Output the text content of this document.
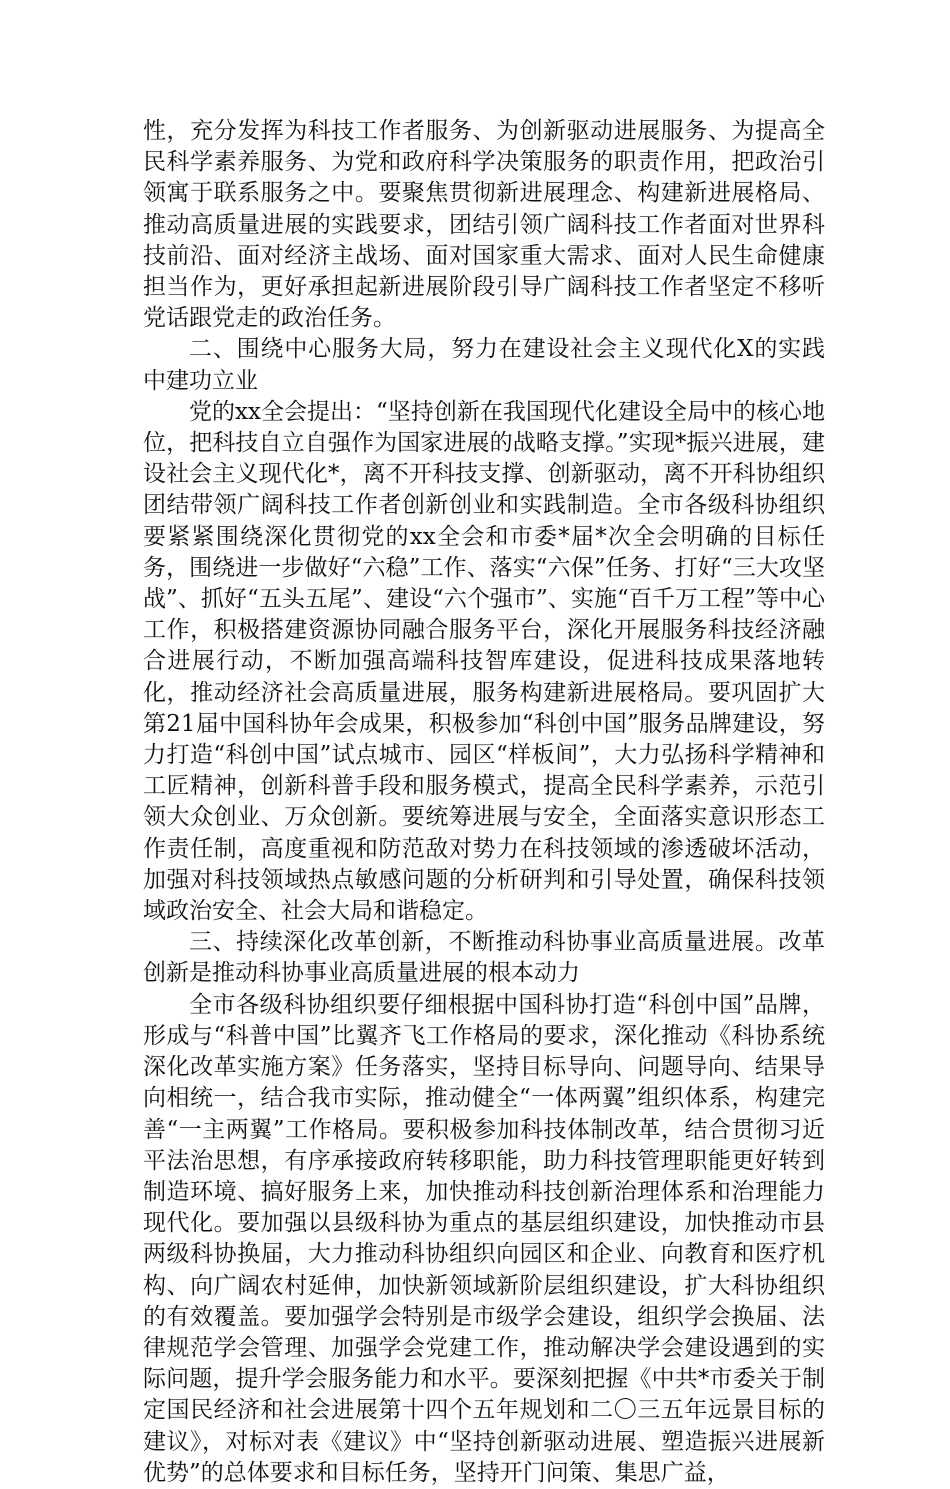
性，充分发挥为科技工作者服务、为创新驱动进展服务、为提高全民科学素养服务、为党和政府科学决策服务的职责作用，把政治引领寓于联系服务之中。要聚焦贯彻新进展理念、构建新进展格局、推动高质量进展的实践要求，团结引领广阔科技工作者面对世界科技前沿、面对经济主战场、面对国家重大需求、面对人民生命健康担当作为，更好承担起新进展阶段引导广阔科技工作者坚定不移听党话跟党走的政治任务。

二、围绕中心服务大局，努力在建设社会主义现代化X的实践中建功立业

党的xx全会提出：“坚持创新在我国现代化建设全局中的核心地位，把科技自立自强作为国家进展的战略支撑。”实现*振兴进展，建设社会主义现代化*，离不开科技支撑、创新驱动，离不开科协组织团结带领广阔科技工作者创新创业和实践制造。全市各级科协组织要紧紧围绕深化贯彻党的xx全会和市委*届*次全会明确的目标任务，围绕进一步做好“六稳”工作、落实“六保”任务、打好“三大攻坚战”、抓好“五头五尾”、建设“六个强市”、实施“百千万工程”等中心工作，积极搭建资源协同融合服务平台，深化开展服务科技经济融合进展行动，不断加强高端科技智库建设，促进科技成果落地转化，推动经济社会高质量进展，服务构建新进展格局。要巩固扩大第21届中国科协年会成果，积极参加“科创中国”服务品牌建设，努力打造“科创中国”试点城市、园区“样板间”，大力弘扬科学精神和工匠精神，创新科普手段和服务模式，提高全民科学素养，示范引领大众创业、万众创新。要统筹进展与安全，全面落实意识形态工作责任制，高度重视和防范敌对势力在科技领域的渗透破坏活动，加强对科技领域热点敏感问题的分析研判和引导处置，确保科技领域政治安全、社会大局和谐稳定。

三、持续深化改革创新，不断推动科协事业高质量进展。改革创新是推动科协事业高质量进展的根本动力

全市各级科协组织要仔细根据中国科协打造“科创中国”品牌，形成与“科普中国”比翼齐飞工作格局的要求，深化推动《科协系统深化改革实施方案》任务落实，坚持目标导向、问题导向、结果导向相统一，结合我市实际，推动健全“一体两翼”组织体系，构建完善“一主两翼”工作格局。要积极参加科技体制改革，结合贯彻习近平法治思想，有序承接政府转移职能，助力科技管理职能更好转到制造环境、搞好服务上来，加快推动科技创新治理体系和治理能力现代化。要加强以县级科协为重点的基层组织建设，加快推动市县两级科协换届，大力推动科协组织向园区和企业、向教育和医疗机构、向广阔农村延伸，加快新领域新阶层组织建设，扩大科协组织的有效覆盖。要加强学会特别是市级学会建设，组织学会换届、法律规范学会管理、加强学会党建工作，推动解决学会建设遇到的实际问题，提升学会服务能力和水平。要深刻把握《中共*市委关于制定国民经济和社会进展第十四个五年规划和二〇三五年远景目标的建议》，对标对表《建议》中“坚持创新驱动进展、塑造振兴进展新优势”的总体要求和目标任务，坚持开门问策、集思广益，
